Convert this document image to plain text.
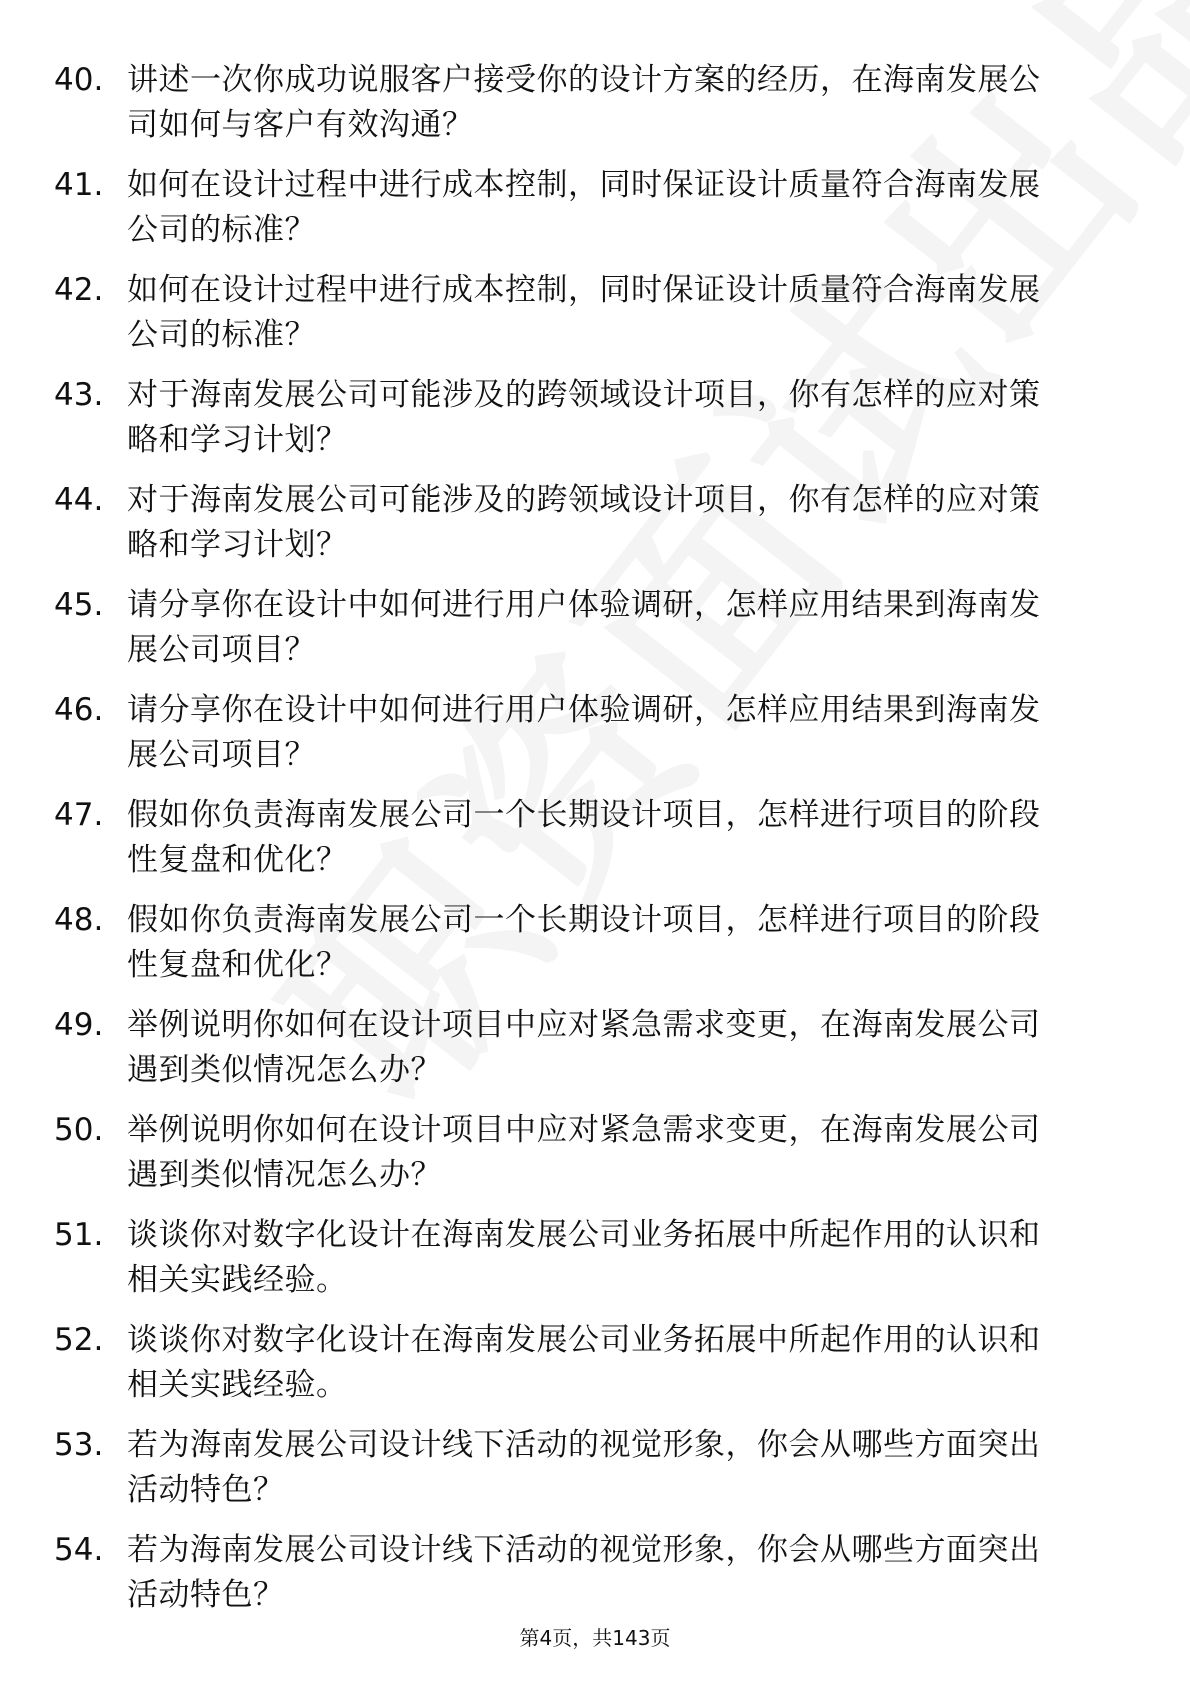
40. 讲述一次你成功说服客户接受你的设计方案的经历，在海南发展公司如何与客户有效沟通？
41. 如何在设计过程中进行成本控制，同时保证设计质量符合海南发展公司的标准？
42. 如何在设计过程中进行成本控制，同时保证设计质量符合海南发展公司的标准？
43. 对于海南发展公司可能涉及的跨领域设计项目，你有怎样的应对策略和学习计划？
44. 对于海南发展公司可能涉及的跨领域设计项目，你有怎样的应对策略和学习计划？
45. 请分享你在设计中如何进行用户体验调研，怎样应用结果到海南发展公司项目？
46. 请分享你在设计中如何进行用户体验调研，怎样应用结果到海南发展公司项目？
47. 假如你负责海南发展公司一个长期设计项目，怎样进行项目的阶段性复盘和优化？
48. 假如你负责海南发展公司一个长期设计项目，怎样进行项目的阶段性复盘和优化？
49. 举例说明你如何在设计项目中应对紧急需求变更，在海南发展公司遇到类似情况怎么办？
50. 举例说明你如何在设计项目中应对紧急需求变更，在海南发展公司遇到类似情况怎么办？
51. 谈谈你对数字化设计在海南发展公司业务拓展中所起作用的认识和相关实践经验。
52. 谈谈你对数字化设计在海南发展公司业务拓展中所起作用的认识和相关实践经验。
53. 若为海南发展公司设计线下活动的视觉形象，你会从哪些方面突出活动特色？
54. 若为海南发展公司设计线下活动的视觉形象，你会从哪些方面突出活动特色？
第4页，共143页
